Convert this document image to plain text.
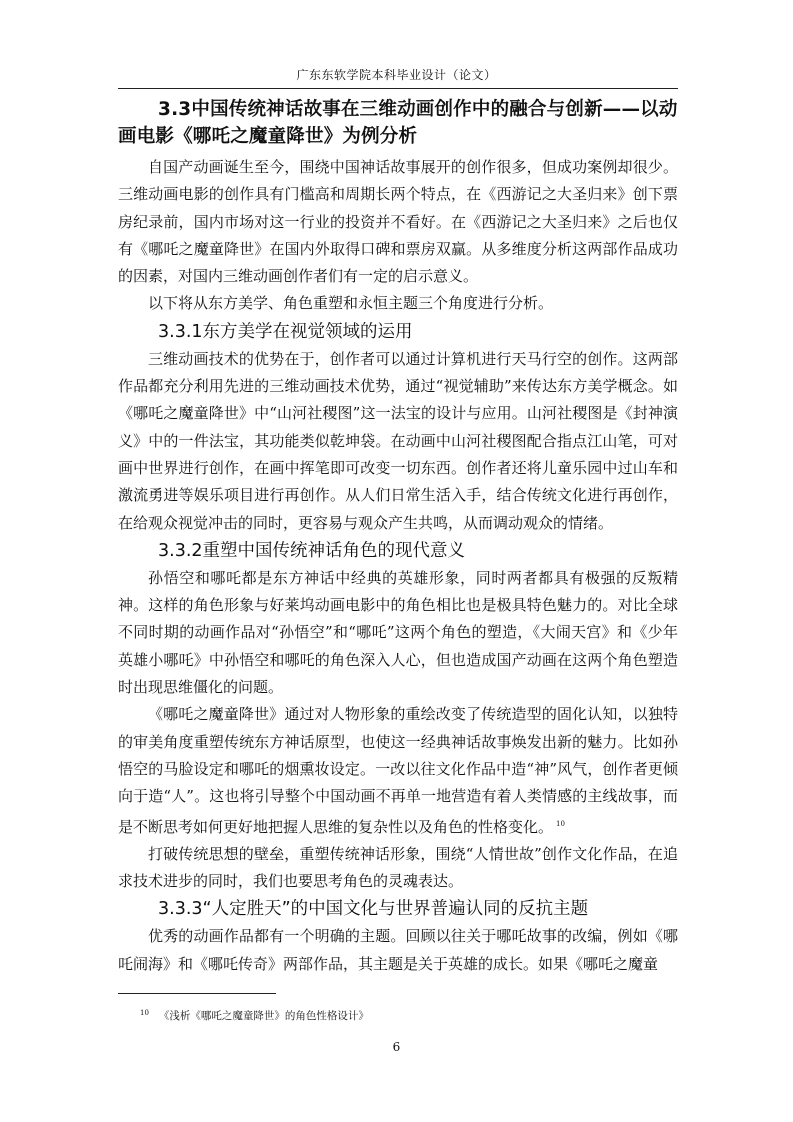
广东东软学院本科毕业设计（论文）
3.3中国传统神话故事在三维动画创作中的融合与创新——以动画电影《哪吒之魔童降世》为例分析

自国产动画诞生至今，围绕中国神话故事展开的创作很多，但成功案例却很少。三维动画电影的创作具有门槛高和周期长两个特点，在《西游记之大圣归来》创下票房纪录前，国内市场对这一行业的投资并不看好。在《西游记之大圣归来》之后也仅有《哪吒之魔童降世》在国内外取得口碑和票房双赢。从多维度分析这两部作品成功的因素，对国内三维动画创作者们有一定的启示意义。

以下将从东方美学、角色重塑和永恒主题三个角度进行分析。

3.3.1东方美学在视觉领域的运用

三维动画技术的优势在于，创作者可以通过计算机进行天马行空的创作。这两部作品都充分利用先进的三维动画技术优势，通过“视觉辅助”来传达东方美学概念。如《哪吒之魔童降世》中“山河社稷图”这一法宝的设计与应用。山河社稷图是《封神演义》中的一件法宝，其功能类似乾坤袋。在动画中山河社稷图配合指点江山笔，可对画中世界进行创作，在画中挥笔即可改变一切东西。创作者还将儿童乐园中过山车和激流勇进等娱乐项目进行再创作。从人们日常生活入手，结合传统文化进行再创作，在给观众视觉冲击的同时，更容易与观众产生共鸣，从而调动观众的情绪。

3.3.2重塑中国传统神话角色的现代意义

孙悟空和哪吒都是东方神话中经典的英雄形象，同时两者都具有极强的反叛精神。这样的角色形象与好莱坞动画电影中的角色相比也是极具特色魅力的。对比全球不同时期的动画作品对“孙悟空”和“哪吒”这两个角色的塑造，《大闹天宫》和《少年英雄小哪吒》中孙悟空和哪吒的角色深入人心，但也造成国产动画在这两个角色塑造时出现思维僵化的问题。

《哪吒之魔童降世》通过对人物形象的重绘改变了传统造型的固化认知，以独特的审美角度重塑传统东方神话原型，也使这一经典神话故事焕发出新的魅力。比如孙悟空的马脸设定和哪吒的烟熏妆设定。一改以往文化作品中造“神”风气，创作者更倾向于造“人”。这也将引导整个中国动画不再单一地营造有着人类情感的主线故事，而是不断思考如何更好地把握人思维的复杂性以及角色的性格变化。 $^{10}$

打破传统思想的壁垒，重塑传统神话形象，围绕“人情世故”创作文化作品，在追求技术进步的同时，我们也要思考角色的灵魂表达。

3.3.3“人定胜天”的中国文化与世界普遍认同的反抗主题

优秀的动画作品都有一个明确的主题。回顾以往关于哪吒故事的改编，例如《哪吒闹海》和《哪吒传奇》两部作品，其主题是关于英雄的成长。如果《哪吒之魔童

$^{10}$ 《浅析《哪吒之魔童降世》的角色性格设计》
6
